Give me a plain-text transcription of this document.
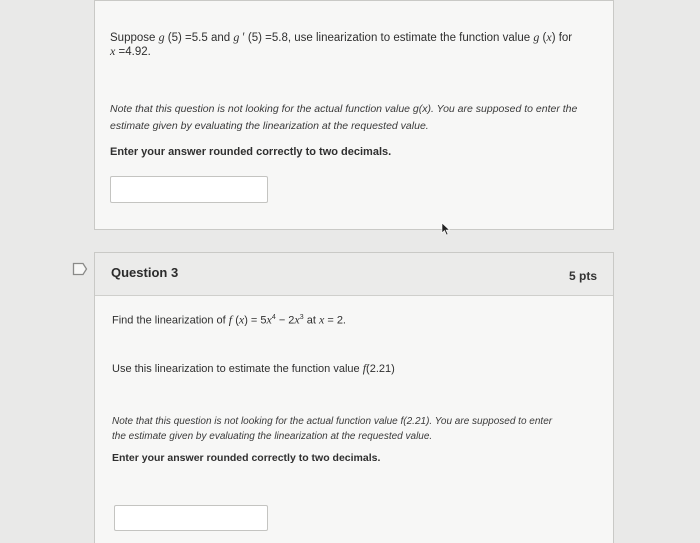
Suppose g (5) =5.5 and g ′ (5) =5.8, use linearization to estimate the function value g (x) for
x =4.92.
Note that this question is not looking for the actual function value g(x). You are supposed to enter the
estimate given by evaluating the linearization at the requested value.
Enter your answer rounded correctly to two decimals.
Question 3	5 pts
Find the linearization of f $(x) = 5x^4 - 2x^3$ at x = 2.
Use this linearization to estimate the function value f(2.21)
Note that this question is not looking for the actual function value f(2.21). You are supposed to enter
the estimate given by evaluating the linearization at the requested value.
Enter your answer rounded correctly to two decimals.
